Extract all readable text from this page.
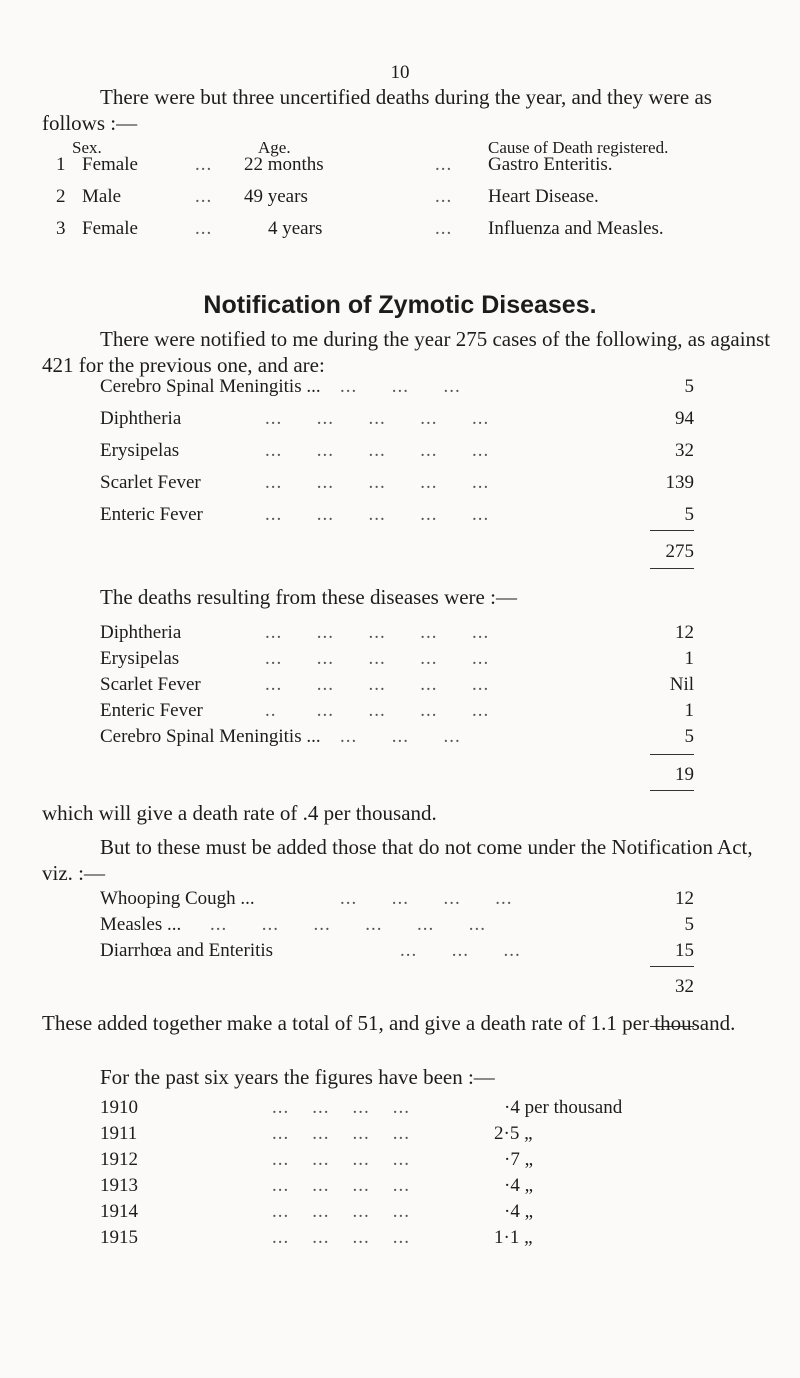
10
There were but three uncertified deaths during the year, and they were as follows :—
Sex.	Age.	Cause of Death registered.
1 Female	... 22 months	... Gastro Enteritis.
2 Male	... 49 years	... Heart Disease.
3 Female	...	4 years	... Influenza and Measles.
Notification of Zymotic Diseases.
There were notified to me during the year 275 cases of the following, as against 421 for the previous one, and are:
Cerebro Spinal Meningitis ... ...      ...      ...	5
Diphtheria	...      ...      ...      ...      ...	94
Erysipelas	...      ...      ...      ...      ...	32
Scarlet Fever	...      ...      ...      ...      ...	139
Enteric Fever	...      ...      ...      ...      ...	5
275
The deaths resulting from these diseases were :—
Diphtheria	...      ...      ...      ...      ...	12
Erysipelas	...      ...      ...      ...      ...	1
Scarlet Fever	...      ...      ...      ...      ...	Nil
Enteric Fever	..       ...      ...      ...      ...	1
Cerebro Spinal Meningitis ... ...      ...      ...	5
19
which will give a death rate of .4 per thousand.
But to these must be added those that do not come under the Notification Act, viz. :—
Whooping Cough ...	...      ...      ...      ...	12
Measles ... ...      ...      ...      ...      ...      ...	5
Diarrhœa and Enteritis	...      ...      ...	15
32
These added together make a total of 51, and give a death rate of 1.1 per thousand.
For the past six years the figures have been :—
1910	...    ...    ...    ...	·4 per thousand
1911	...    ...    ...    ...	2·5 „
1912	...    ...    ...    ...	·7 „
1913	...    ...    ...    ...	·4 „
1914	...    ...    ...    ...	·4 „
1915	...    ...    ...    ...	1·1 „
